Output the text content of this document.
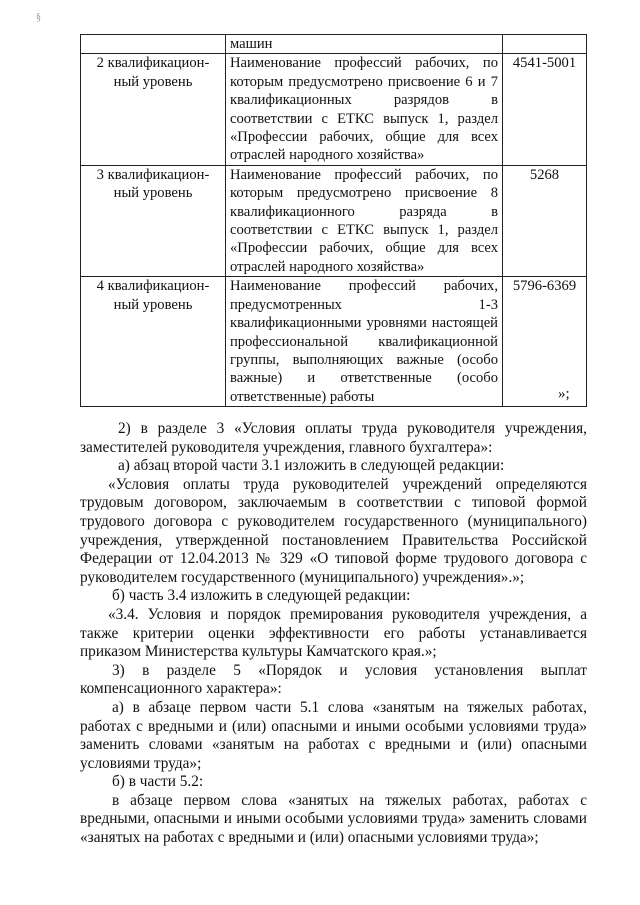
§
	машин	
2 квалификацион-ный уровень	Наименование профессий рабочих, по которым предусмотрено присвоение 6 и 7 квалификационных разрядов в соответствии с ЕТКС выпуск 1, раздел «Профессии рабочих, общие для всех отраслей народного хозяйства»	4541-5001
3 квалификацион-ный уровень	Наименование профессий рабочих, по которым предусмотрено присвоение 8 квалификационного разряда в соответствии с ЕТКС выпуск 1, раздел «Профессии рабочих, общие для всех отраслей народного хозяйства»	5268
4 квалификацион-ный уровень	Наименование профессий рабочих, предусмотренных 1-3 квалификационными уровнями настоящей профессиональной квалификационной группы, выполняющих важные (особо важные) и ответственные (особо ответственные) работы	5796-6369
»;

2) в разделе 3 «Условия оплаты труда руководителя учреждения, заместителей руководителя учреждения, главного бухгалтера»:

а) абзац второй части 3.1 изложить в следующей редакции:

«Условия оплаты труда руководителей учреждений определяются трудовым договором, заключаемым в соответствии с типовой формой трудового договора с руководителем государственного (муниципального) учреждения, утвержденной постановлением Правительства Российской Федерации от 12.04.2013 № 329 «О типовой форме трудового договора с руководителем государственного (муниципального) учреждения».»;

б) часть 3.4 изложить в следующей редакции:

«3.4. Условия и порядок премирования руководителя учреждения, а также критерии оценки эффективности его работы устанавливается приказом Министерства культуры Камчатского края.»;

3) в разделе 5 «Порядок и условия установления выплат компенсационного характера»:

а) в абзаце первом части 5.1 слова «занятым на тяжелых работах, работах с вредными и (или) опасными и иными особыми условиями труда» заменить словами «занятым на работах с вредными и (или) опасными условиями труда»;

б) в части 5.2:

в абзаце первом слова «занятых на тяжелых работах, работах с вредными, опасными и иными особыми условиями труда» заменить словами «занятых на работах с вредными и (или) опасными условиями труда»;
